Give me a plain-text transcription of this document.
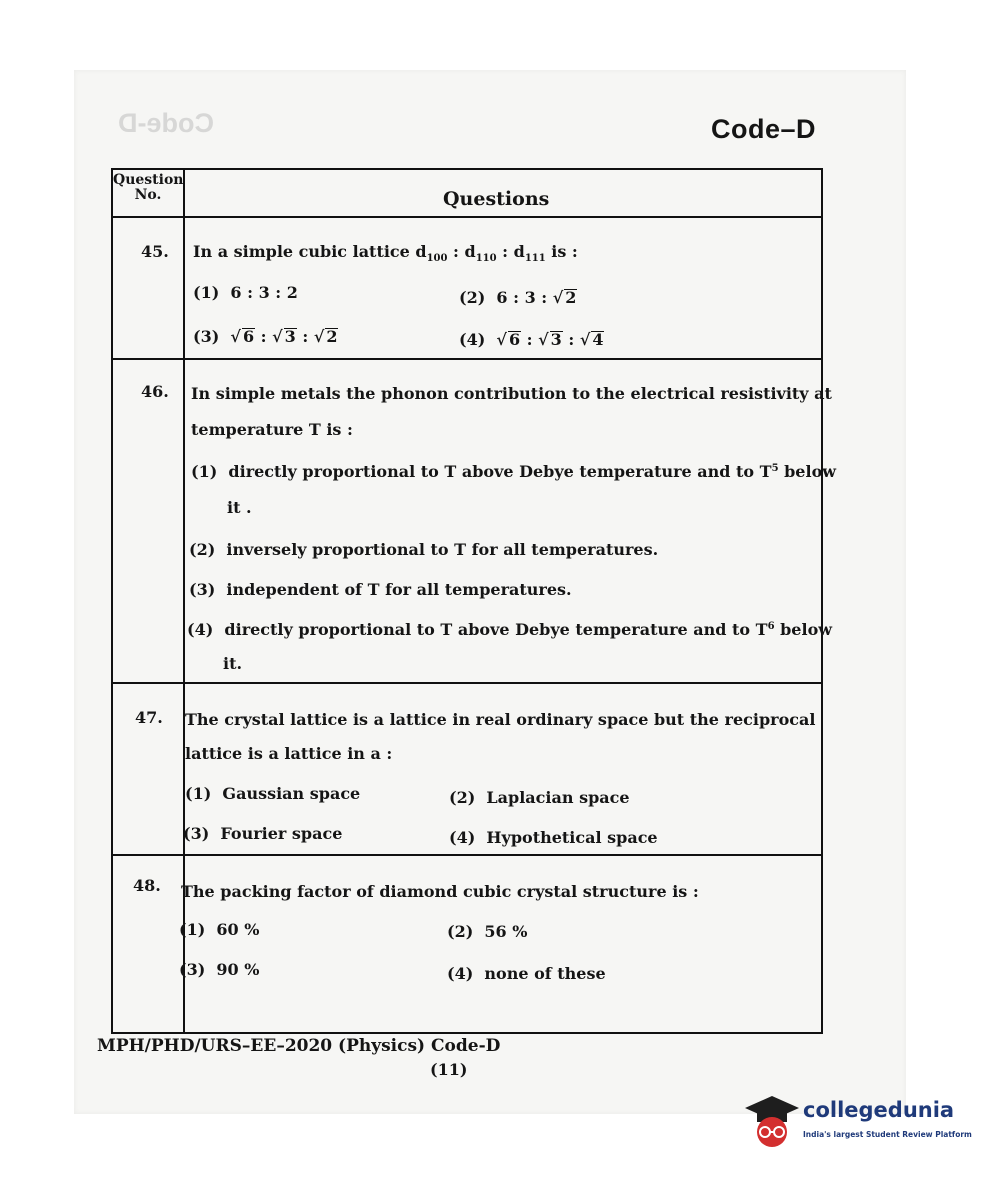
Code-D	Code–D
Question No.	Questions
45. In a simple cubic lattice $d_{100}$ : $d_{110}$ : $d_{111}$ is :
(1) 6 : 3 : 2	(2) 6 : 3 : √ 2
(3)  √ 6 : √ 3 : √ 2	(4)  √ 6 : √ 3 : √ 4
46. In simple metals the phonon contribution to the electrical resistivity at
temperature T is :
(1) directly proportional to T above Debye temperature and to $T^5$ below
it .
(2) inversely proportional to T for all temperatures.
(3) independent of T for all temperatures.
(4) directly proportional to T above Debye temperature and to $T^6$ below
it.
47. The crystal lattice is a lattice in real ordinary space but the reciprocal
lattice is a lattice in a :
(1) Gaussian space	(2) Laplacian space
(3) Fourier space	(4) Hypothetical space
48. The packing factor of diamond cubic crystal structure is :
(1) 60 %	(2) 56 %
(3) 90 %	(4) none of these
MPH/PHD/URS–EE–2020 (Physics) Code-D
(11)
collegedunia
India's largest Student Review Platform
